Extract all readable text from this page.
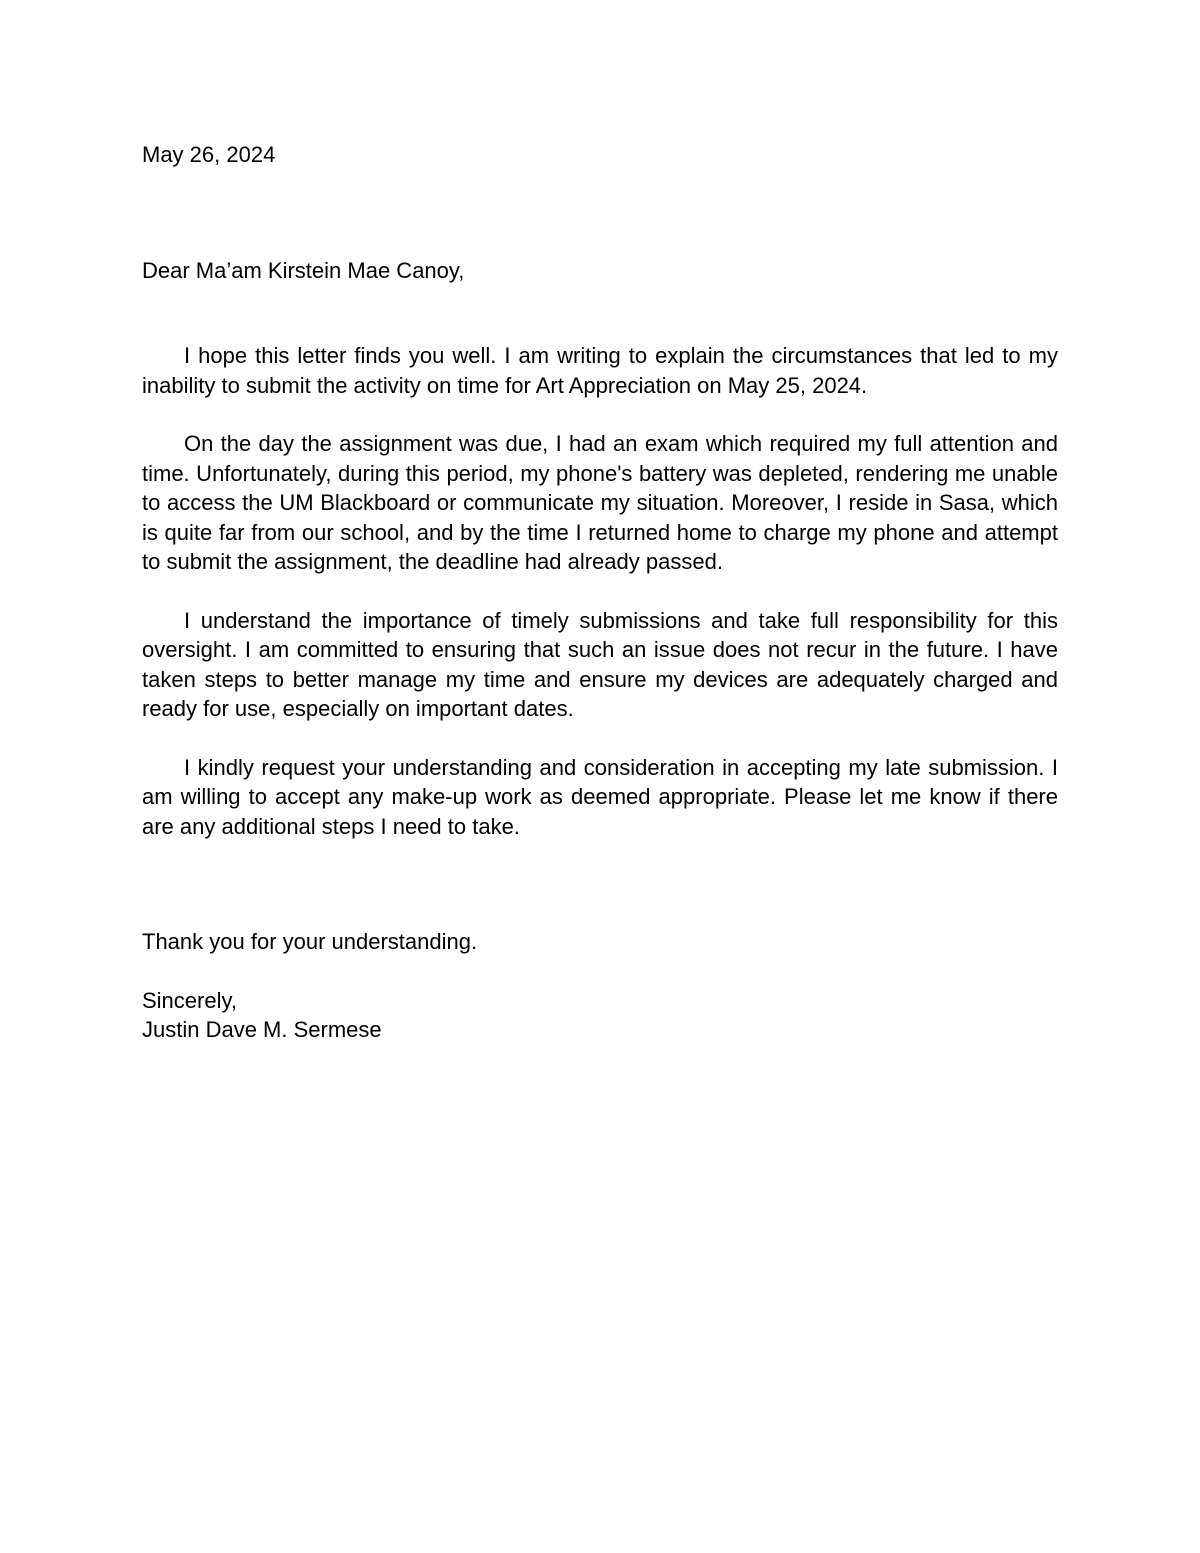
May 26, 2024

Dear Ma’am Kirstein Mae Canoy,

I hope this letter finds you well. I am writing to explain the circumstances that led to my inability to submit the activity on time for Art Appreciation on May 25, 2024.

On the day the assignment was due, I had an exam which required my full attention and time. Unfortunately, during this period, my phone's battery was depleted, rendering me unable to access the UM Blackboard or communicate my situation. Moreover, I reside in Sasa, which is quite far from our school, and by the time I returned home to charge my phone and attempt to submit the assignment, the deadline had already passed.

I understand the importance of timely submissions and take full responsibility for this oversight. I am committed to ensuring that such an issue does not recur in the future. I have taken steps to better manage my time and ensure my devices are adequately charged and ready for use, especially on important dates.

I kindly request your understanding and consideration in accepting my late submission. I am willing to accept any make-up work as deemed appropriate. Please let me know if there are any additional steps I need to take.

Thank you for your understanding.

Sincerely,

Justin Dave M. Sermese
